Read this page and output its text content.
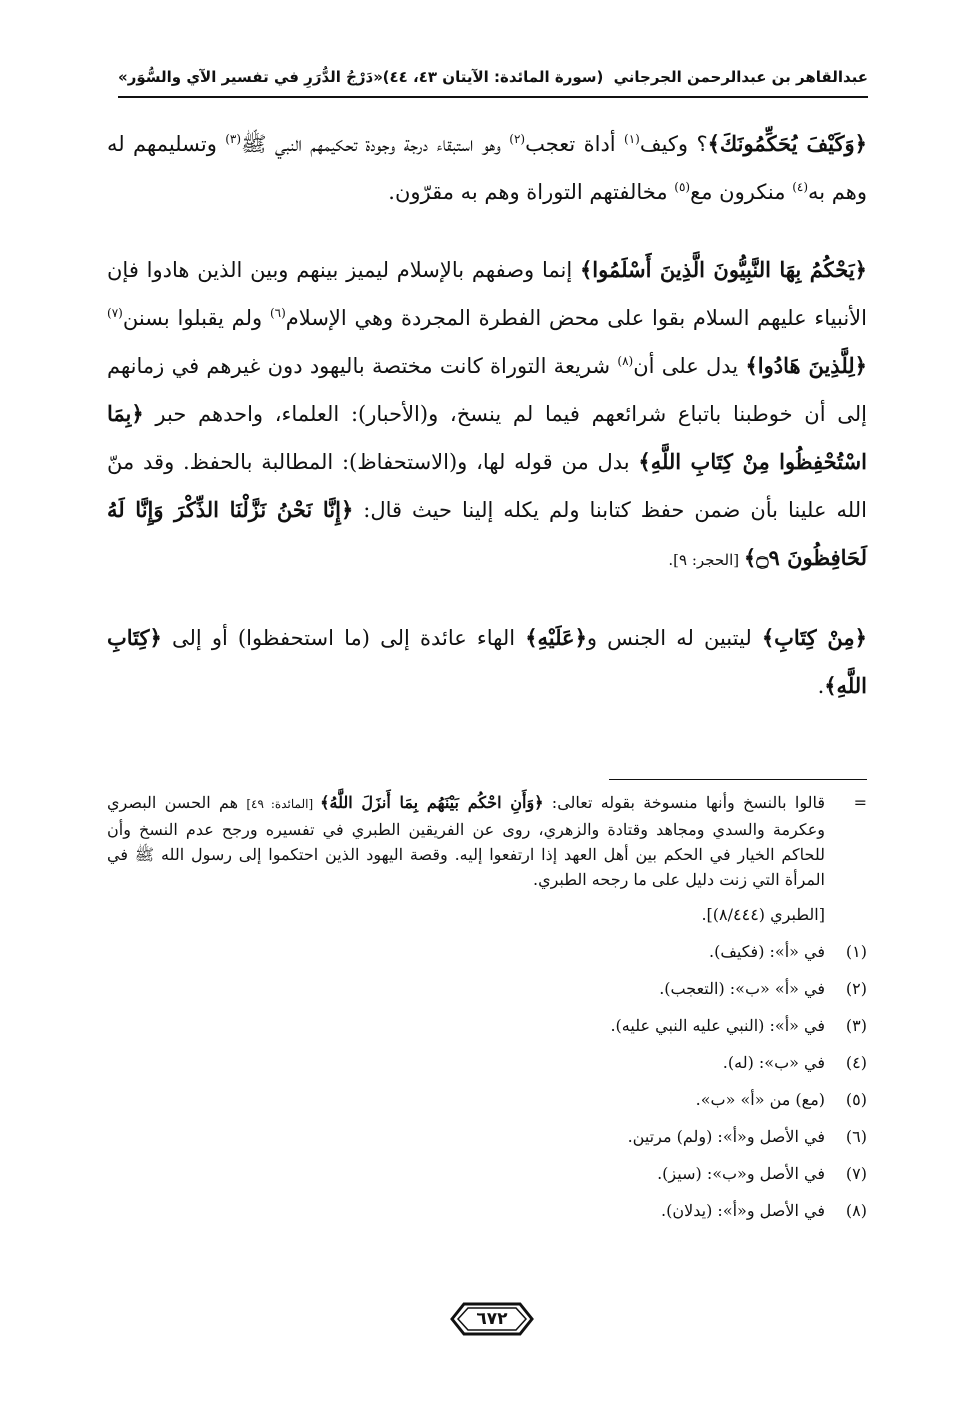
عبدالقاهر بن عبدالرحمن الجرجاني
(سورة المائدة: الآيتان ٤٣، ٤٤)
«دَرْجُ الدُّرَرِ في تفسير الآي والسُّوَر»

﴿وَكَيْفَ يُحَكِّمُونَكَ﴾؟ وكيف$^{(١)}$ أداة تعجب$^{(٢)}$ وهو استبقاء درجة وجودة تحكيمهم النبي ﷺ$^{(٣)}$ وتسليمهم له وهم به$^{(٤)}$ منكرون مع$^{(٥)}$ مخالفتهم التوراة وهم به مقرّون.

﴿يَحْكُمُ بِهَا النَّبِيُّونَ الَّذِينَ أَسْلَمُوا﴾ إنما وصفهم بالإسلام ليميز بينهم وبين الذين هادوا فإن الأنبياء عليهم السلام بقوا على محض الفطرة المجردة وهي الإسلام$^{(٦)}$ ولم يقبلوا بسنن$^{(٧)}$ ﴿لِلَّذِينَ هَادُوا﴾ يدل على أن$^{(٨)}$ شريعة التوراة كانت مختصة باليهود دون غيرهم في زمانهم إلى أن خوطبنا باتباع شرائعهم فيما لم ينسخ، و(الأحبار): العلماء، واحدهم حبر ﴿بِمَا اسْتُحْفِظُوا مِنْ كِتَابِ اللَّهِ﴾ بدل من قوله لها، و(الاستحفاظ): المطالبة بالحفظ. وقد منّ الله علينا بأن ضمن حفظ كتابنا ولم يكله إلينا حيث قال: ﴿إِنَّا نَحْنُ نَزَّلْنَا الذِّكْرَ وَإِنَّا لَهُ لَحَافِظُونَ ۝٩﴾ [الحجر: ٩].

﴿مِنْ كِتَابِ﴾ ليتبين له الجنس و﴿عَلَيْهِ﴾ الهاء عائدة إلى (ما استحفظوا) أو إلى ﴿كِتَابِ اللَّهِ﴾.

=
قالوا بالنسخ وأنها منسوخة بقوله تعالى: ﴿وَأَنِ احْكُم بَيْنَهُم بِمَا أَنزَلَ اللَّهُ﴾ [المائدة: ٤٩] هم الحسن البصري وعكرمة والسدي ومجاهد وقتادة والزهري، روى عن الفريقين الطبري في تفسيره ورجح عدم النسخ وأن للحاكم الخيار في الحكم بين أهل العهد إذا ارتفعوا إليه. وقصة اليهود الذين احتكموا إلى رسول الله ﷺ في المرأة التي زنت دليل على ما رجحه الطبري.
[الطبري (٨/٤٤٤)].
(١)
في «أ»: (فكيف).
(٢)
في «أ» «ب»: (التعجب).
(٣)
في «أ»: (النبي عليه النبي عليه).
(٤)
في «ب»: (له).
(٥)
(مع) من «أ» «ب».
(٦)
في الأصل و«أ»: (ولم) مرتين.
(٧)
في الأصل و«ب»: (سيز).
(٨)
في الأصل و«أ»: (يدلان).
٦٧٢
